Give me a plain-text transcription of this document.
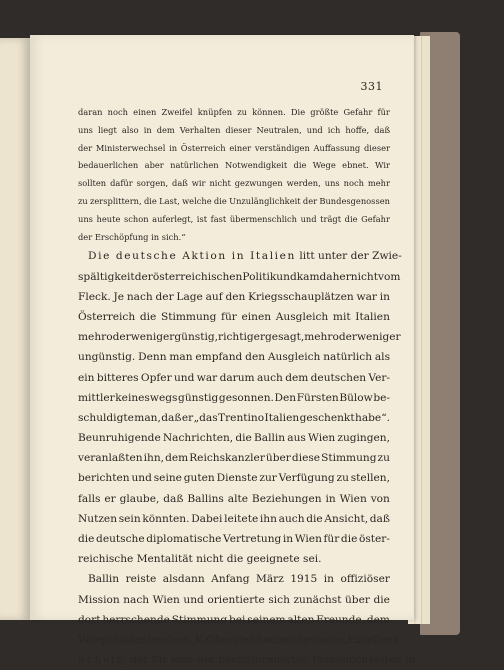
331
daran noch einen Zweifel knüpfen zu können. Die größte Gefahr für
uns liegt also in dem Verhalten dieser Neutralen, und ich hoffe, daß
der Ministerwechsel in Österreich einer verständigen Auffassung dieser
bedauerlichen aber natürlichen Notwendigkeit die Wege ebnet. Wir
sollten dafür sorgen, daß wir nicht gezwungen werden, uns noch mehr
zu zersplittern, die Last, welche die Unzulänglichkeit der Bundesgenossen
uns heute schon auferlegt, ist fast übermenschlich und trägt die Gefahr
der Erschöpfung in sich.“
Die deutsche Aktion in Italien litt unter der Zwie-
spältigkeit der österreichischen Politik und kam daher nicht vom
Fleck. Je nach der Lage auf den Kriegsschauplätzen war in
Österreich die Stimmung für einen Ausgleich mit Italien
mehr oder weniger günstig, richtiger gesagt, mehr oder weniger
ungünstig. Denn man empfand den Ausgleich natürlich als
ein bitteres Opfer und war darum auch dem deutschen Ver-
mittler keineswegs günstig gesonnen. Den Fürsten Bülow be-
schuldigte man, daß er „das Trentino Italien geschenkt habe“.
Beunruhigende Nachrichten, die Ballin aus Wien zugingen,
veranlaßten ihn, dem Reichskanzler über diese Stimmung zu
berichten und seine guten Dienste zur Verfügung zu stellen,
falls er glaube, daß Ballins alte Beziehungen in Wien von
Nutzen sein könnten. Dabei leitete ihn auch die Ansicht, daß
die deutsche diplomatische Vertretung in Wien für die öster-
reichische Mentalität nicht die geeignete sei.
Ballin reiste alsdann Anfang März 1915 in offiziöser
Mission nach Wien und orientierte sich zunächst über die
dort herrschende Stimmung bei seinem alten Freunde, dem
Vizepräsidenten des K. K. Obersten Rechnungshofes, Exzellenz
Schulz, der für eine der bestinformierten Persönlichkeiten in
